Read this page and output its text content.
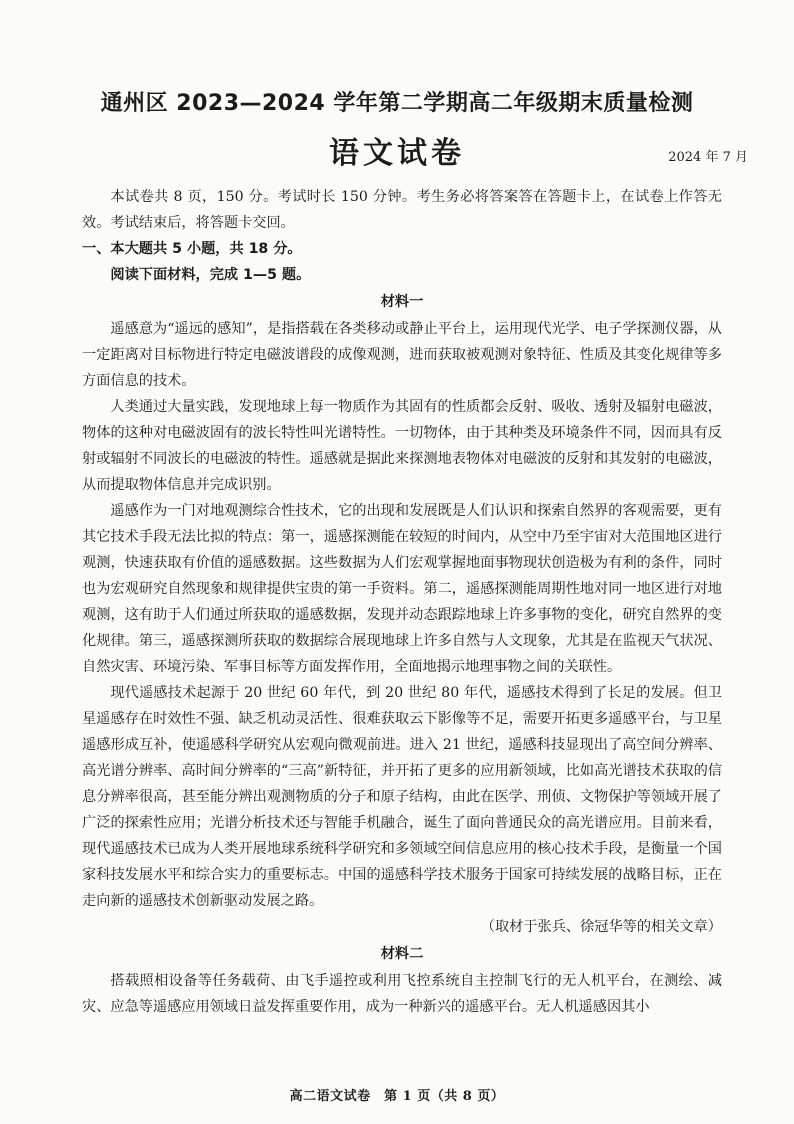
通州区 2023—2024 学年第二学期高二年级期末质量检测
语文试卷	2024 年 7 月

本试卷共 8 页，150 分。考试时长 150 分钟。考生务必将答案答在答题卡上，在试卷上作答无效。考试结束后，将答题卡交回。

一、本大题共 5 小题，共 18 分。
阅读下面材料，完成 1—5 题。

材料一

遥感意为“遥远的感知”，是指搭载在各类移动或静止平台上，运用现代光学、电子学探测仪器，从一定距离对目标物进行特定电磁波谱段的成像观测，进而获取被观测对象特征、性质及其变化规律等多方面信息的技术。

人类通过大量实践，发现地球上每一物质作为其固有的性质都会反射、吸收、透射及辐射电磁波，物体的这种对电磁波固有的波长特性叫光谱特性。一切物体，由于其种类及环境条件不同，因而具有反射或辐射不同波长的电磁波的特性。遥感就是据此来探测地表物体对电磁波的反射和其发射的电磁波，从而提取物体信息并完成识别。

遥感作为一门对地观测综合性技术，它的出现和发展既是人们认识和探索自然界的客观需要，更有其它技术手段无法比拟的特点：第一，遥感探测能在较短的时间内，从空中乃至宇宙对大范围地区进行观测，快速获取有价值的遥感数据。这些数据为人们宏观掌握地面事物现状创造极为有利的条件，同时也为宏观研究自然现象和规律提供宝贵的第一手资料。第二，遥感探测能周期性地对同一地区进行对地观测，这有助于人们通过所获取的遥感数据，发现并动态跟踪地球上许多事物的变化，研究自然界的变化规律。第三，遥感探测所获取的数据综合展现地球上许多自然与人文现象，尤其是在监视天气状况、自然灾害、环境污染、军事目标等方面发挥作用，全面地揭示地理事物之间的关联性。

现代遥感技术起源于 20 世纪 60 年代，到 20 世纪 80 年代，遥感技术得到了长足的发展。但卫星遥感存在时效性不强、缺乏机动灵活性、很难获取云下影像等不足，需要开拓更多遥感平台，与卫星遥感形成互补，使遥感科学研究从宏观向微观前进。进入 21 世纪，遥感科技显现出了高空间分辨率、高光谱分辨率、高时间分辨率的“三高”新特征，并开拓了更多的应用新领域，比如高光谱技术获取的信息分辨率很高，甚至能分辨出观测物质的分子和原子结构，由此在医学、刑侦、文物保护等领域开展了广泛的探索性应用；光谱分析技术还与智能手机融合，诞生了面向普通民众的高光谱应用。目前来看，现代遥感技术已成为人类开展地球系统科学研究和多领域空间信息应用的核心技术手段，是衡量一个国家科技发展水平和综合实力的重要标志。中国的遥感科学技术服务于国家可持续发展的战略目标，正在走向新的遥感技术创新驱动发展之路。

（取材于张兵、徐冠华等的相关文章）

材料二

搭载照相设备等任务载荷、由飞手遥控或利用飞控系统自主控制飞行的无人机平台，在测绘、减灾、应急等遥感应用领域日益发挥重要作用，成为一种新兴的遥感平台。无人机遥感因其小

高二语文试卷　第 1 页（共 8 页）
